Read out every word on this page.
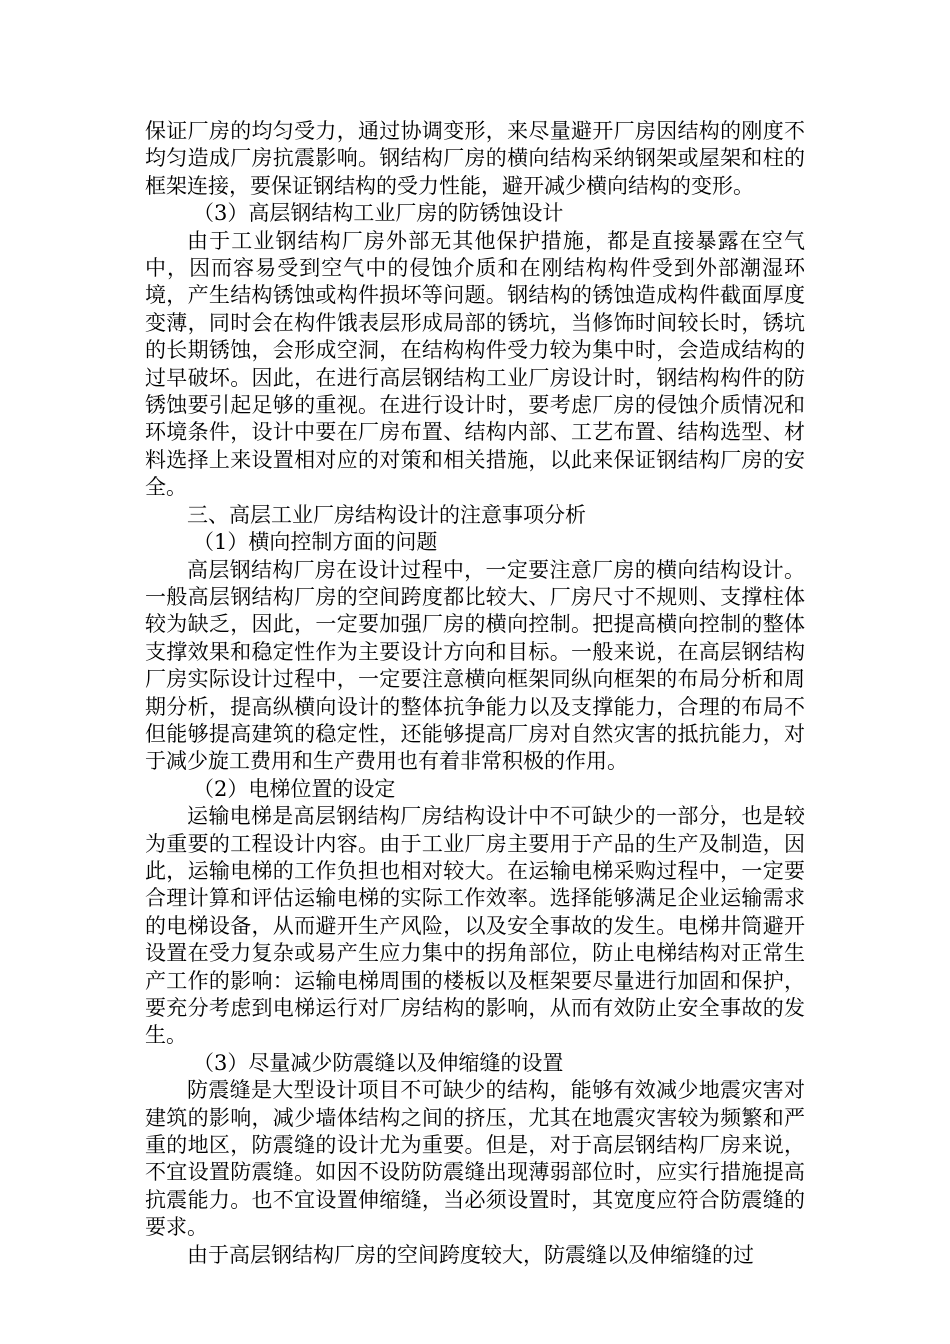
保证厂房的均匀受力，通过协调变形，来尽量避开厂房因结构的刚度不均匀造成厂房抗震影响。钢结构厂房的横向结构采纳钢架或屋架和柱的框架连接，要保证钢结构的受力性能，避开减少横向结构的变形。

（3）高层钢结构工业厂房的防锈蚀设计

由于工业钢结构厂房外部无其他保护措施，都是直接暴露在空气中，因而容易受到空气中的侵蚀介质和在刚结构构件受到外部潮湿环境，产生结构锈蚀或构件损坏等问题。钢结构的锈蚀造成构件截面厚度变薄，同时会在构件饿表层形成局部的锈坑，当修饰时间较长时，锈坑的长期锈蚀，会形成空洞，在结构构件受力较为集中时，会造成结构的过早破坏。因此，在进行高层钢结构工业厂房设计时，钢结构构件的防锈蚀要引起足够的重视。在进行设计时，要考虑厂房的侵蚀介质情况和环境条件，设计中要在厂房布置、结构内部、工艺布置、结构选型、材料选择上来设置相对应的对策和相关措施，以此来保证钢结构厂房的安全。

三、高层工业厂房结构设计的注意事项分析

（1）横向控制方面的问题

高层钢结构厂房在设计过程中，一定要注意厂房的横向结构设计。一般高层钢结构厂房的空间跨度都比较大、厂房尺寸不规则、支撑柱体较为缺乏，因此，一定要加强厂房的横向控制。把提高横向控制的整体支撑效果和稳定性作为主要设计方向和目标。一般来说，在高层钢结构厂房实际设计过程中，一定要注意横向框架同纵向框架的布局分析和周期分析，提高纵横向设计的整体抗争能力以及支撑能力，合理的布局不但能够提高建筑的稳定性，还能够提高厂房对自然灾害的抵抗能力，对于减少旋工费用和生产费用也有着非常积极的作用。

（2）电梯位置的设定

运输电梯是高层钢结构厂房结构设计中不可缺少的一部分，也是较为重要的工程设计内容。由于工业厂房主要用于产品的生产及制造，因此，运输电梯的工作负担也相对较大。在运输电梯采购过程中，一定要合理计算和评估运输电梯的实际工作效率。选择能够满足企业运输需求的电梯设备，从而避开生产风险，以及安全事故的发生。电梯井筒避开设置在受力复杂或易产生应力集中的拐角部位，防止电梯结构对正常生产工作的影响：运输电梯周围的楼板以及框架要尽量进行加固和保护，要充分考虑到电梯运行对厂房结构的影响，从而有效防止安全事故的发生。

（3）尽量减少防震缝以及伸缩缝的设置

防震缝是大型设计项目不可缺少的结构，能够有效减少地震灾害对建筑的影响，减少墙体结构之间的挤压，尤其在地震灾害较为频繁和严重的地区，防震缝的设计尤为重要。但是，对于高层钢结构厂房来说，不宜设置防震缝。如因不设防防震缝出现薄弱部位时，应实行措施提高抗震能力。也不宜设置伸缩缝，当必须设置时，其宽度应符合防震缝的要求。

由于高层钢结构厂房的空间跨度较大，防震缝以及伸缩缝的过
